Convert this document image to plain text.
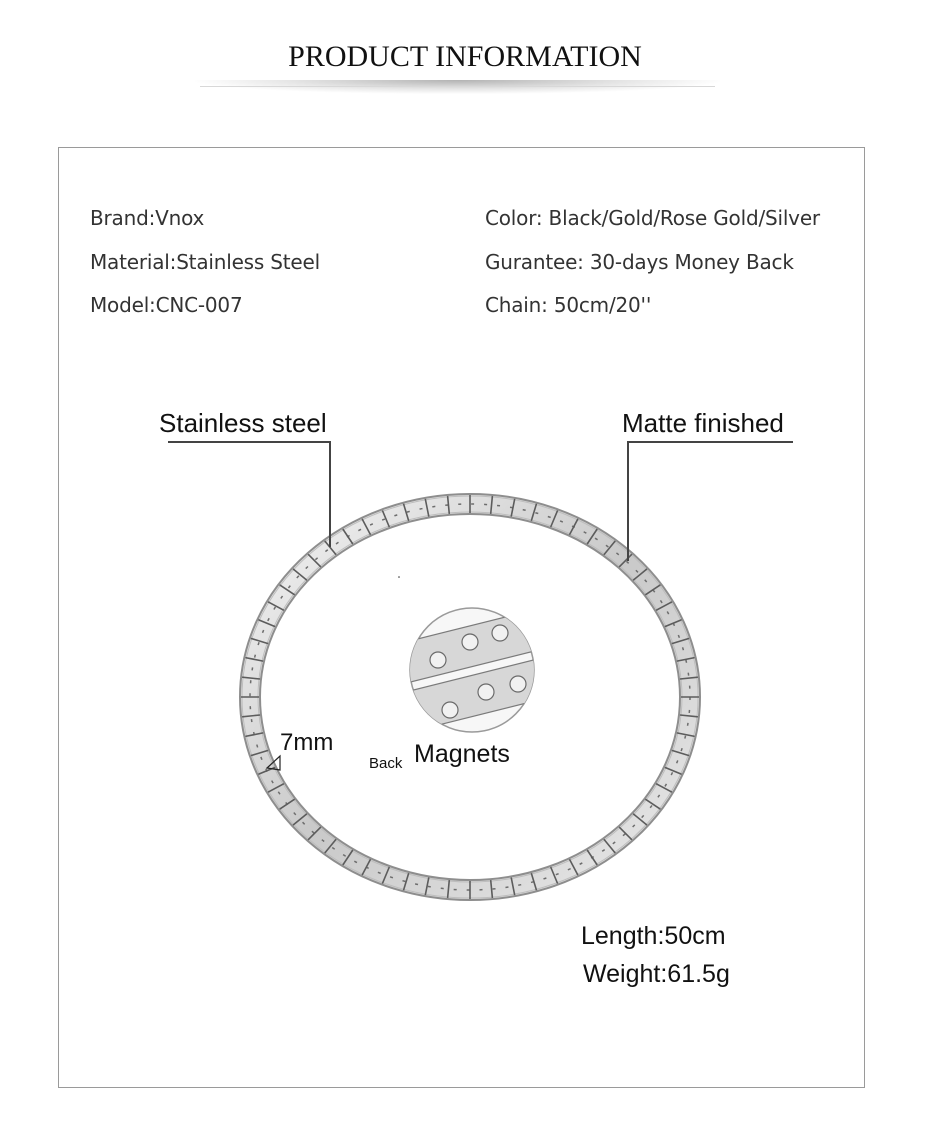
PRODUCT INFORMATION
Brand:Vnox
Material:Stainless Steel
Model:CNC-007
Color: Black/Gold/Rose Gold/Silver
Gurantee: 30-days Money Back
Chain: 50cm/20''
Stainless steel	Matte finished
7mm
Back Magnets
Length:50cm
Weight:61.5g
